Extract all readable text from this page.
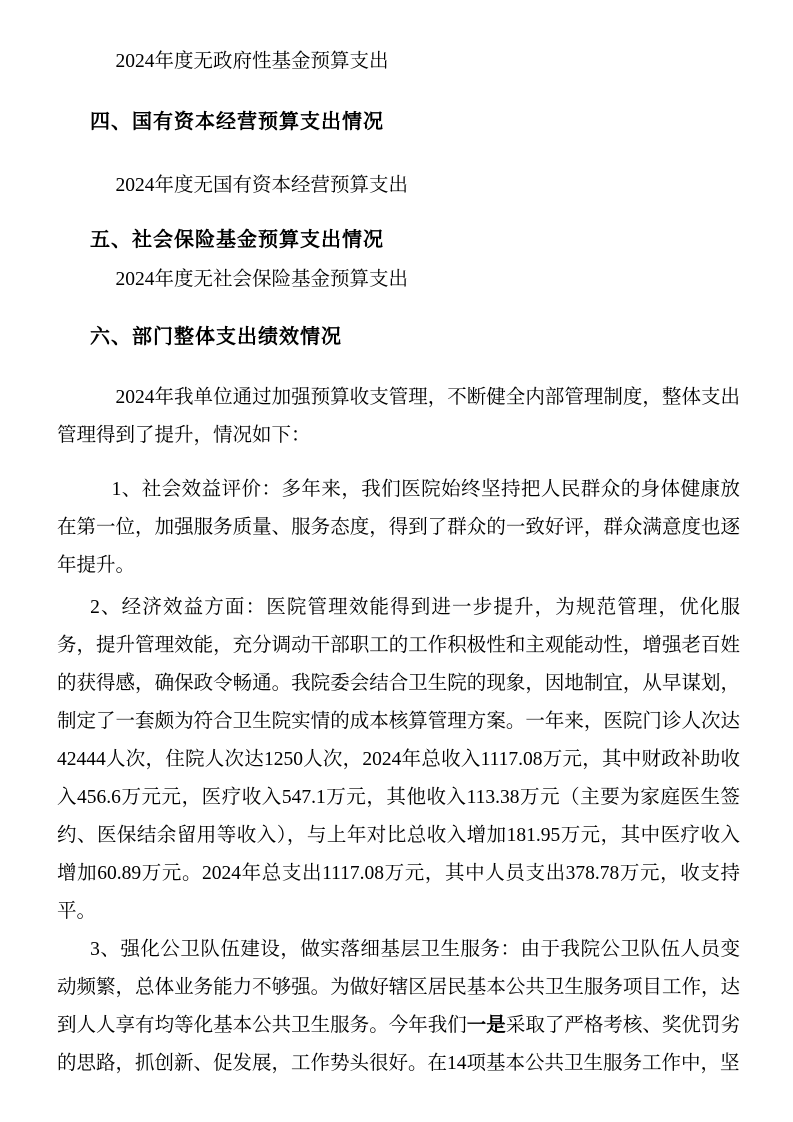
2024年度无政府性基金预算支出

四、国有资本经营预算支出情况

2024年度无国有资本经营预算支出

五、社会保险基金预算支出情况

2024年度无社会保险基金预算支出

六、部门整体支出绩效情况

2024年我单位通过加强预算收支管理，不断健全内部管理制度，整体支出管理得到了提升，情况如下：

1、社会效益评价：多年来，我们医院始终坚持把人民群众的身体健康放在第一位，加强服务质量、服务态度，得到了群众的一致好评，群众满意度也逐年提升。

2、经济效益方面：医院管理效能得到进一步提升，为规范管理，优化服务，提升管理效能，充分调动干部职工的工作积极性和主观能动性，增强老百姓的获得感，确保政令畅通。我院委会结合卫生院的现象，因地制宜，从早谋划，制定了一套颇为符合卫生院实情的成本核算管理方案。一年来，医院门诊人次达42444人次，住院人次达1250人次，2024年总收入1117.08万元，其中财政补助收入456.6万元元，医疗收入547.1万元，其他收入113.38万元（主要为家庭医生签约、医保结余留用等收入），与上年对比总收入增加181.95万元，其中医疗收入增加60.89万元。2024年总支出1117.08万元，其中人员支出378.78万元，收支持平。

3、强化公卫队伍建设，做实落细基层卫生服务：由于我院公卫队伍人员变动频繁，总体业务能力不够强。为做好辖区居民基本公共卫生服务项目工作，达到人人享有均等化基本公共卫生服务。今年我们一是采取了严格考核、奖优罚劣的思路，抓创新、促发展，工作势头很好。在14项基本公共卫生服务工作中，坚
